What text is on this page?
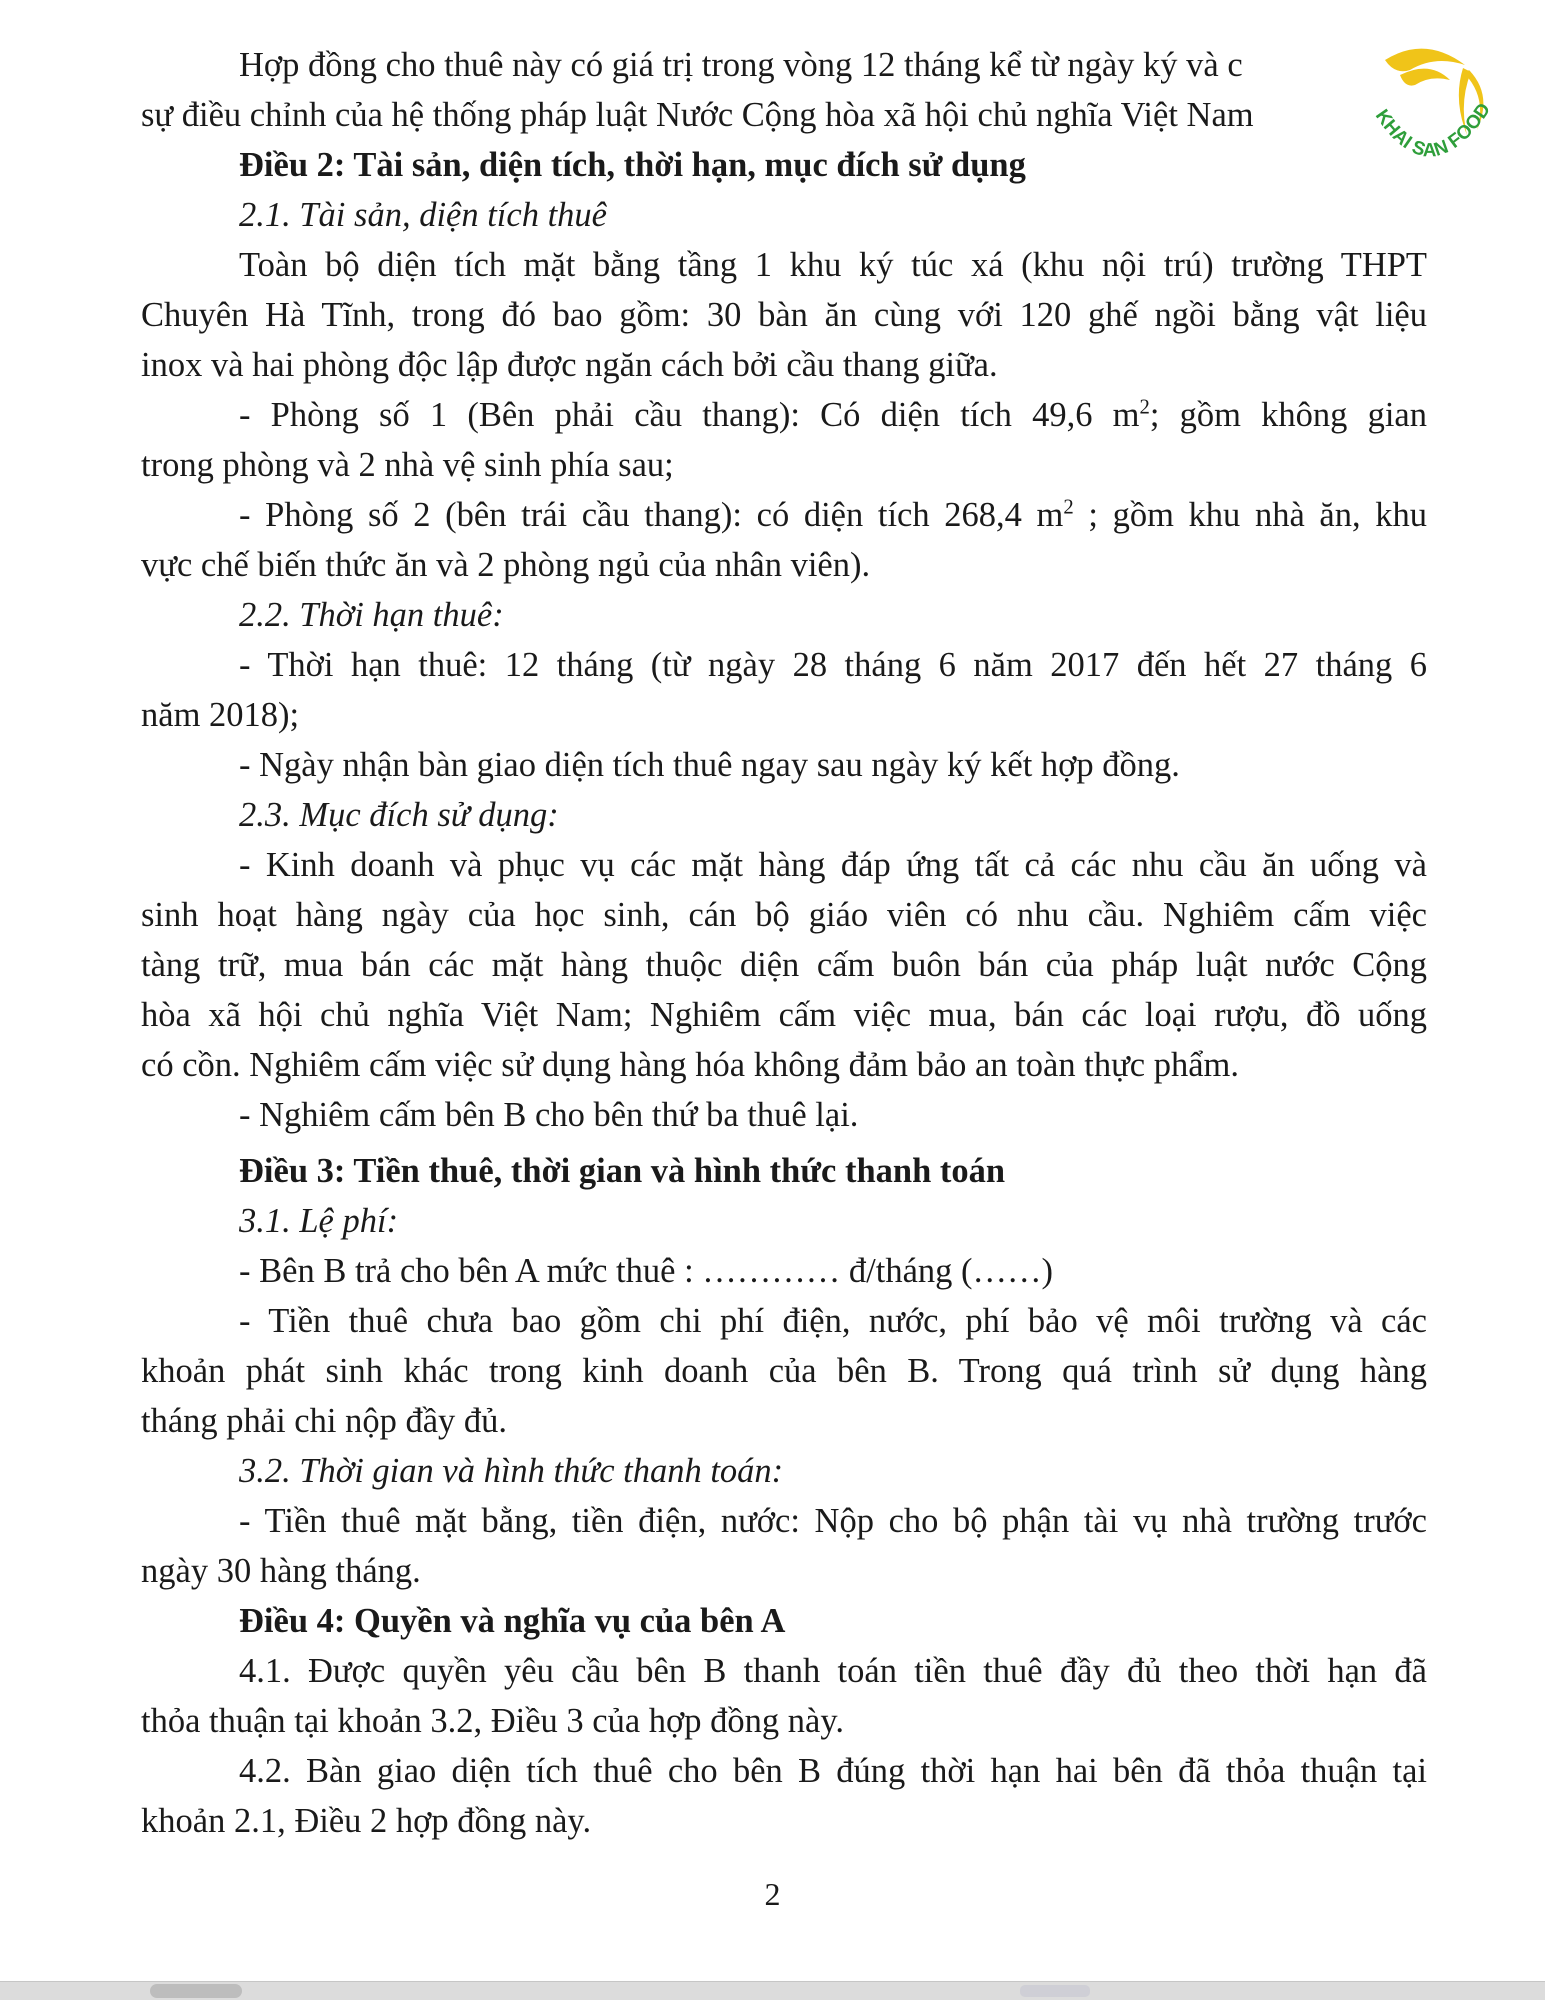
Hợp đồng cho thuê này có giá trị trong vòng 12 tháng kể từ ngày ký và c
sự điều chỉnh của hệ thống pháp luật Nước Cộng hòa xã hội chủ nghĩa Việt Nam
Điều 2: Tài sản, diện tích, thời hạn, mục đích sử dụng
2.1. Tài sản, diện tích thuê
Toàn bộ diện tích mặt bằng tầng 1 khu ký túc xá (khu nội trú) trường THPT
Chuyên Hà Tĩnh, trong đó bao gồm: 30 bàn ăn cùng với 120 ghế ngồi bằng vật liệu
inox và hai phòng độc lập được ngăn cách bởi cầu thang giữa.
- Phòng số 1 (Bên phải cầu thang): Có diện tích 49,6 $m^2$; gồm không gian
trong phòng và 2 nhà vệ sinh phía sau;
- Phòng số 2 (bên trái cầu thang): có diện tích 268,4 $m^2$ ; gồm khu nhà ăn, khu
vực chế biến thức ăn và 2 phòng ngủ của nhân viên).
2.2. Thời hạn thuê:
- Thời hạn thuê: 12 tháng (từ ngày 28 tháng 6 năm 2017 đến hết 27 tháng 6
năm 2018);
- Ngày nhận bàn giao diện tích thuê ngay sau ngày ký kết hợp đồng.
2.3. Mục đích sử dụng:
- Kinh doanh và phục vụ các mặt hàng đáp ứng tất cả các nhu cầu ăn uống và
sinh hoạt hàng ngày của học sinh, cán bộ giáo viên có nhu cầu. Nghiêm cấm việc
tàng trữ, mua bán các mặt hàng thuộc diện cấm buôn bán của pháp luật nước Cộng
hòa xã hội chủ nghĩa Việt Nam; Nghiêm cấm việc mua, bán các loại rượu, đồ uống
có cồn. Nghiêm cấm việc sử dụng hàng hóa không đảm bảo an toàn thực phẩm.
- Nghiêm cấm bên B cho bên thứ ba thuê lại.
Điều 3: Tiền thuê, thời gian và hình thức thanh toán
3.1. Lệ phí:
- Bên B trả cho bên A mức thuê : ………… đ/tháng (……)
- Tiền thuê chưa bao gồm chi phí điện, nước, phí bảo vệ môi trường và các
khoản phát sinh khác trong kinh doanh của bên B. Trong quá trình sử dụng hàng
tháng phải chi nộp đầy đủ.
3.2. Thời gian và hình thức thanh toán:
- Tiền thuê mặt bằng, tiền điện, nước: Nộp cho bộ phận tài vụ nhà trường trước
ngày 30 hàng tháng.
Điều 4: Quyền và nghĩa vụ của bên A
4.1. Được quyền yêu cầu bên B thanh toán tiền thuê đầy đủ theo thời hạn đã
thỏa thuận tại khoản 3.2, Điều 3 của hợp đồng này.
4.2. Bàn giao diện tích thuê cho bên B đúng thời hạn hai bên đã thỏa thuận tại
khoản 2.1, Điều 2 hợp đồng này.
KHAI SAN FOOD
2
